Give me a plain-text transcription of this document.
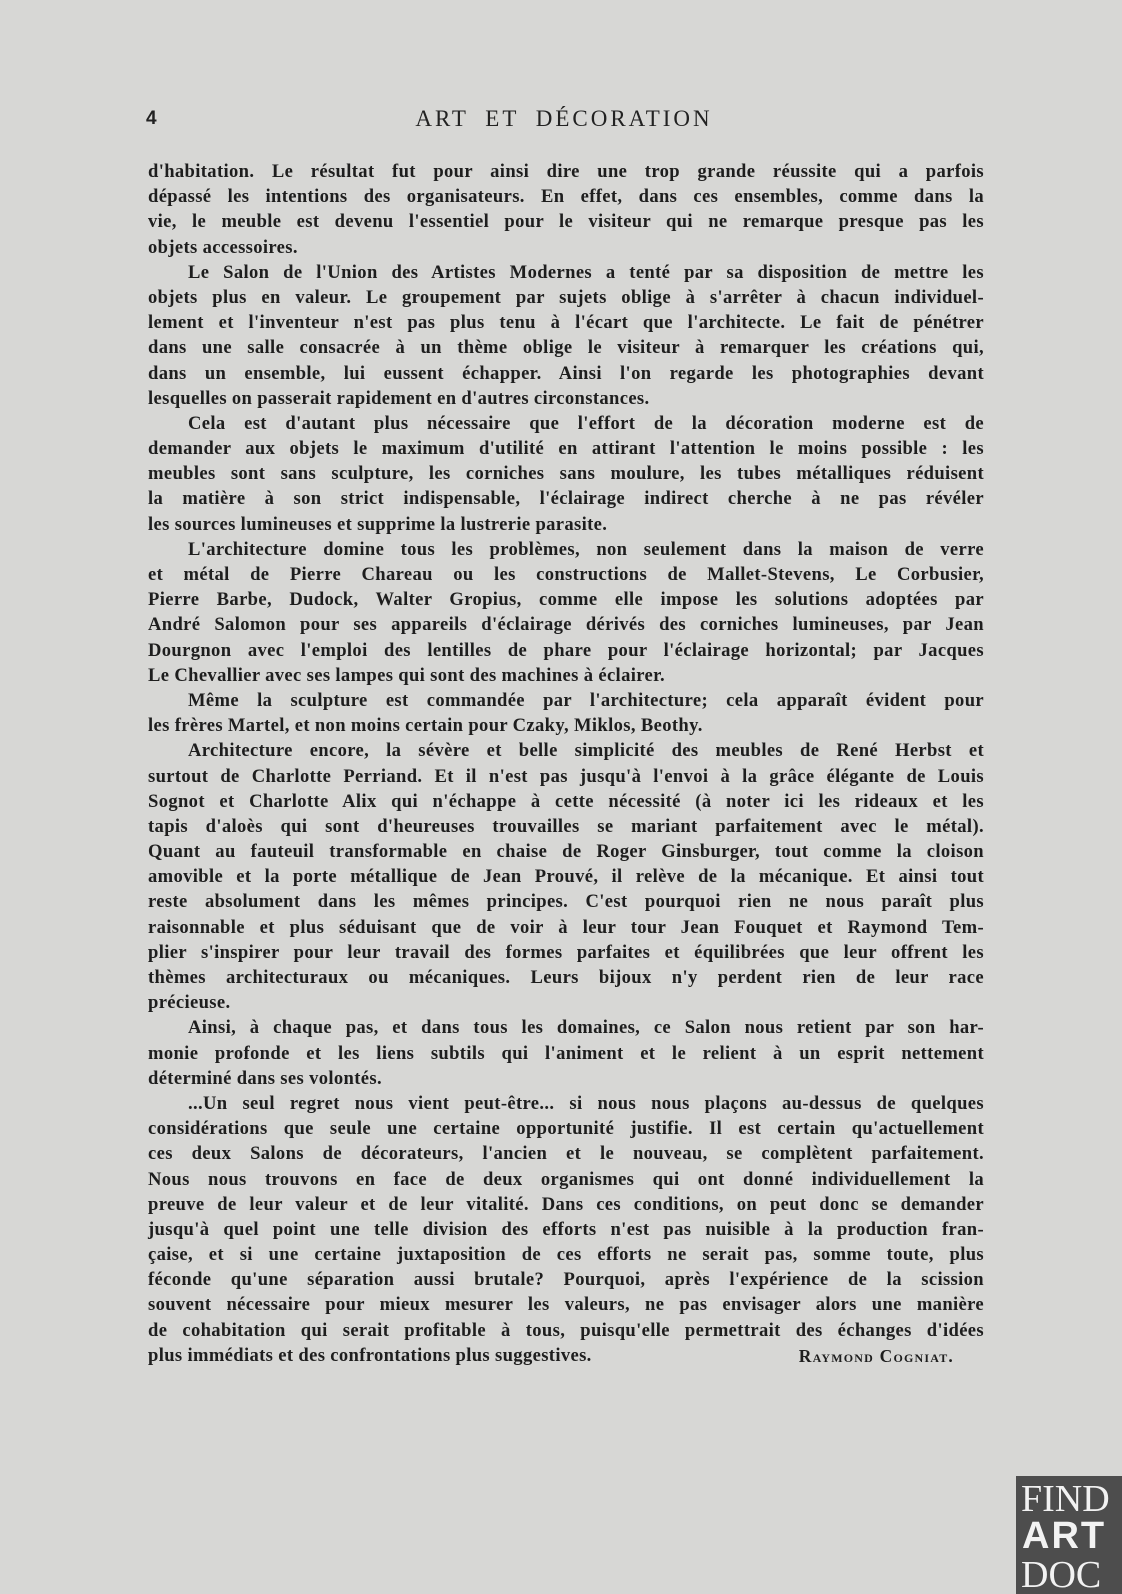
4	ART ET DÉCORATION
d'habitation. Le résultat fut pour ainsi dire une trop grande réussite qui a parfois
dépassé les intentions des organisateurs. En effet, dans ces ensembles, comme dans la
vie, le meuble est devenu l'essentiel pour le visiteur qui ne remarque presque pas les
objets accessoires.
Le Salon de l'Union des Artistes Modernes a tenté par sa disposition de mettre les
objets plus en valeur. Le groupement par sujets oblige à s'arrêter à chacun individuel-
lement et l'inventeur n'est pas plus tenu à l'écart que l'architecte. Le fait de pénétrer
dans une salle consacrée à un thème oblige le visiteur à remarquer les créations qui,
dans un ensemble, lui eussent échapper. Ainsi l'on regarde les photographies devant
lesquelles on passerait rapidement en d'autres circonstances.
Cela est d'autant plus nécessaire que l'effort de la décoration moderne est de
demander aux objets le maximum d'utilité en attirant l'attention le moins possible : les
meubles sont sans sculpture, les corniches sans moulure, les tubes métalliques réduisent
la matière à son strict indispensable, l'éclairage indirect cherche à ne pas révéler
les sources lumineuses et supprime la lustrerie parasite.
L'architecture domine tous les problèmes, non seulement dans la maison de verre
et métal de Pierre Chareau ou les constructions de Mallet-Stevens, Le Corbusier,
Pierre Barbe, Dudock, Walter Gropius, comme elle impose les solutions adoptées par
André Salomon pour ses appareils d'éclairage dérivés des corniches lumineuses, par Jean
Dourgnon avec l'emploi des lentilles de phare pour l'éclairage horizontal; par Jacques
Le Chevallier avec ses lampes qui sont des machines à éclairer.
Même la sculpture est commandée par l'architecture; cela apparaît évident pour
les frères Martel, et non moins certain pour Czaky, Miklos, Beothy.
Architecture encore, la sévère et belle simplicité des meubles de René Herbst et
surtout de Charlotte Perriand. Et il n'est pas jusqu'à l'envoi à la grâce élégante de Louis
Sognot et Charlotte Alix qui n'échappe à cette nécessité (à noter ici les rideaux et les
tapis d'aloès qui sont d'heureuses trouvailles se mariant parfaitement avec le métal).
Quant au fauteuil transformable en chaise de Roger Ginsburger, tout comme la cloison
amovible et la porte métallique de Jean Prouvé, il relève de la mécanique. Et ainsi tout
reste absolument dans les mêmes principes. C'est pourquoi rien ne nous paraît plus
raisonnable et plus séduisant que de voir à leur tour Jean Fouquet et Raymond Tem-
plier s'inspirer pour leur travail des formes parfaites et équilibrées que leur offrent les
thèmes architecturaux ou mécaniques. Leurs bijoux n'y perdent rien de leur race
précieuse.
Ainsi, à chaque pas, et dans tous les domaines, ce Salon nous retient par son har-
monie profonde et les liens subtils qui l'animent et le relient à un esprit nettement
déterminé dans ses volontés.
...Un seul regret nous vient peut-être... si nous nous plaçons au-dessus de quelques
considérations que seule une certaine opportunité justifie. Il est certain qu'actuellement
ces deux Salons de décorateurs, l'ancien et le nouveau, se complètent parfaitement.
Nous nous trouvons en face de deux organismes qui ont donné individuellement la
preuve de leur valeur et de leur vitalité. Dans ces conditions, on peut donc se demander
jusqu'à quel point une telle division des efforts n'est pas nuisible à la production fran-
çaise, et si une certaine juxtaposition de ces efforts ne serait pas, somme toute, plus
féconde qu'une séparation aussi brutale? Pourquoi, après l'expérience de la scission
souvent nécessaire pour mieux mesurer les valeurs, ne pas envisager alors une manière
de cohabitation qui serait profitable à tous, puisqu'elle permettrait des échanges d'idées
plus immédiats et des confrontations plus suggestives.	Raymond Cogniat.
FIND
ART
DOC
